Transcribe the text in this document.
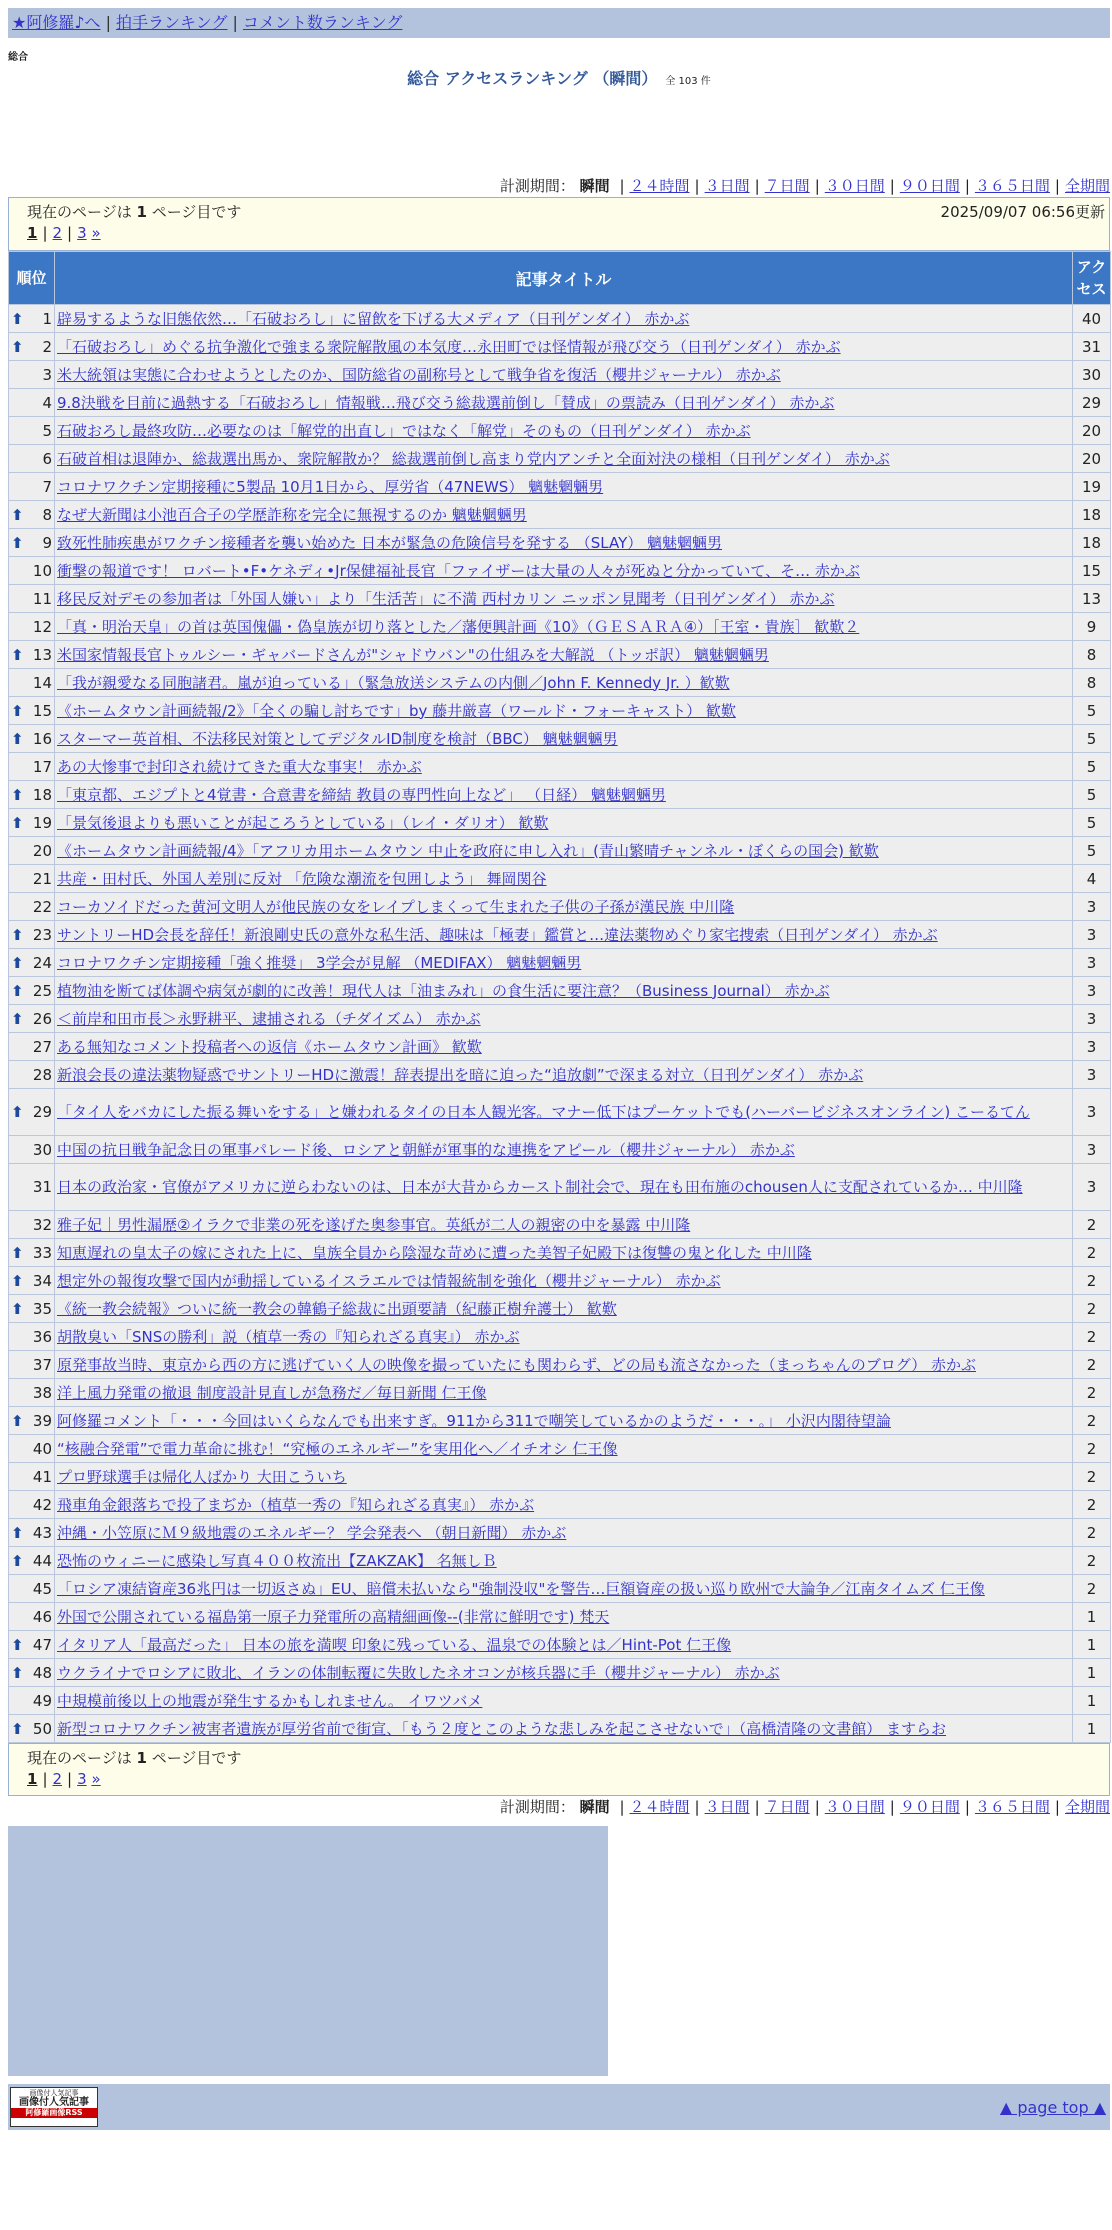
★阿修羅♪へ | 拍手ランキング | コメント数ランキング
総合
総合 アクセスランキング （瞬間） 全 103 件
計測期間： 瞬間 | ２４時間 | ３日間 | ７日間 | ３０日間 | ９０日間 | ３６５日間 | 全期間
現在のページは 1 ページ目です	2025/09/07 06:56更新
1 | 2 | 3 »
順位	記事タイトル	アクセス

⬆ 1	辟易するような旧態依然…「石破おろし」に留飲を下げる大メディア（日刊ゲンダイ） 赤かぶ	40

⬆ 2	「石破おろし」めぐる抗争激化で強まる衆院解散風の本気度…永田町では怪情報が飛び交う（日刊ゲンダイ） 赤かぶ	31
3	米大統領は実態に合わせようとしたのか、国防総省の副称号として戦争省を復活（櫻井ジャーナル） 赤かぶ	30
4	9.8決戦を目前に過熱する「石破おろし」情報戦…飛び交う総裁選前倒し「賛成」の票読み（日刊ゲンダイ） 赤かぶ	29
5	石破おろし最終攻防…必要なのは「解党的出直し」ではなく「解党」そのもの（日刊ゲンダイ） 赤かぶ	20
6	石破首相は退陣か、総裁選出馬か、衆院解散か？ 総裁選前倒し高まり党内アンチと全面対決の様相（日刊ゲンダイ） 赤かぶ	20
7	コロナワクチン定期接種に5製品 10月1日から、厚労省（47NEWS） 魑魅魍魎男	19

⬆ 8	なぜ大新聞は小池百合子の学歴詐称を完全に無視するのか 魑魅魍魎男	18

⬆ 9	致死性肺疾患がワクチン接種者を襲い始めた 日本が緊急の危険信号を発する （SLAY） 魑魅魍魎男	18
10	衝撃の報道です！ ロバート•F•ケネディ•Jr保健福祉長官「ファイザーは大量の人々が死ぬと分かっていて、そ… 赤かぶ	15
11	移民反対デモの参加者は「外国人嫌い」より「生活苦」に不満 西村カリン ニッポン見聞考（日刊ゲンダイ） 赤かぶ	13
12	「真・明治天皇」の首は英国傀儡・偽皇族が切り落とした／藩便興計画《10》（ＧＥＳＡＲＡ④）［王室・貴族］ 歓歎２	9

⬆ 13	米国家情報長官トゥルシー・ギャバードさんが"シャドウバン"の仕組みを大解説 （トッポ訳） 魑魅魍魎男	8
14	「我が親愛なる同胞諸君。嵐が迫っている」（緊急放送システムの内側／John F. Kennedy Jr. ）歓歎	8

⬆ 15	《ホームタウン計画続報/2》「全くの騙し討ちです」by 藤井厳喜（ワールド・フォーキャスト） 歓歎	5

⬆ 16	スターマー英首相、不法移民対策としてデジタルID制度を検討（BBC） 魑魅魍魎男	5
17	あの大惨事で封印され続けてきた重大な事実！ 赤かぶ	5

⬆ 18	「東京都、エジプトと4覚書・合意書を締結 教員の専門性向上など」 （日経） 魑魅魍魎男	5

⬆ 19	「景気後退よりも悪いことが起ころうとしている」（レイ・ダリオ） 歓歎	5
20	《ホームタウン計画続報/4》「アフリカ用ホームタウン 中止を政府に申し入れ」(青山繁晴チャンネル・ぼくらの国会) 歓歎	5
21	共産・田村氏、外国人差別に反対 「危険な潮流を包囲しよう」 舞岡関谷	4
22	コーカソイドだった黄河文明人が他民族の女をレイプしまくって生まれた子供の子孫が漢民族 中川隆	3

⬆ 23	サントリーHD会長を辞任！新浪剛史氏の意外な私生活、趣味は「極妻」鑑賞と…違法薬物めぐり家宅捜索（日刊ゲンダイ） 赤かぶ	3

⬆ 24	コロナワクチン定期接種「強く推奨」 3学会が見解 （MEDIFAX） 魑魅魍魎男	3

⬆ 25	植物油を断てば体調や病気が劇的に改善！現代人は「油まみれ」の食生活に要注意？（Business Journal） 赤かぶ	3

⬆ 26	＜前岸和田市長＞永野耕平、逮捕される（チダイズム） 赤かぶ	3
27	ある無知なコメント投稿者への返信《ホームタウン計画》 歓歎	3
28	新浪会長の違法薬物疑惑でサントリーHDに激震！辞表提出を暗に迫った“追放劇”で深まる対立（日刊ゲンダイ） 赤かぶ	3

⬆ 29	「タイ人をバカにした振る舞いをする」と嫌われるタイの日本人観光客。マナー低下はプーケットでも(ハーバービジネスオンライン) こーるてん	3
30	中国の抗日戦争記念日の軍事パレード後、ロシアと朝鮮が軍事的な連携をアピール（櫻井ジャーナル） 赤かぶ	3
31	日本の政治家・官僚がアメリカに逆らわないのは、日本が大昔からカースト制社会で、現在も田布施のchousen人に支配されているか… 中川隆	3
32	雅子妃｜男性漏歴②イラクで非業の死を遂げた奥参事官。英紙が二人の親密の中を暴露 中川隆	2

⬆ 33	知恵遅れの皇太子の嫁にされた上に、皇族全員から陰湿な苛めに遭った美智子妃殿下は復讐の鬼と化した 中川隆	2

⬆ 34	想定外の報復攻撃で国内が動揺しているイスラエルでは情報統制を強化（櫻井ジャーナル） 赤かぶ	2

⬆ 35	《統一教会続報》ついに統一教会の韓鶴子総裁に出頭要請（紀藤正樹弁護士） 歓歎	2
36	胡散臭い「SNSの勝利」説（植草一秀の『知られざる真実』） 赤かぶ	2
37	原発事故当時、東京から西の方に逃げていく人の映像を撮っていたにも関わらず、どの局も流さなかった（まっちゃんのブログ） 赤かぶ	2
38	洋上風力発電の撤退 制度設計見直しが急務だ／毎日新聞 仁王像	2

⬆ 39	阿修羅コメント「・・・今回はいくらなんでも出来すぎ。911から311で嘲笑しているかのようだ・・・。」 小沢内閣待望論	2
40	“核融合発電”で電力革命に挑む！“究極のエネルギー”を実用化へ／イチオシ 仁王像	2
41	プロ野球選手は帰化人ばかり 大田こういち	2
42	飛車角金銀落ちで投了まぢか（植草一秀の『知られざる真実』） 赤かぶ	2

⬆ 43	沖縄・小笠原にＭ９級地震のエネルギー？ 学会発表へ （朝日新聞） 赤かぶ	2

⬆ 44	恐怖のウィニーに感染し写真４００枚流出【ZAKZAK】 名無しＢ	2
45	「ロシア凍結資産36兆円は一切返さぬ」EU、賠償未払いなら"強制没収"を警告…巨額資産の扱い巡り欧州で大論争／江南タイムズ 仁王像	2
46	外国で公開されている福島第一原子力発電所の高精細画像--(非常に鮮明です) 梵天	1

⬆ 47	イタリア人「最高だった」 日本の旅を満喫 印象に残っている、温泉での体験とは／Hint-Pot 仁王像	1

⬆ 48	ウクライナでロシアに敗北、イランの体制転覆に失敗したネオコンが核兵器に手（櫻井ジャーナル） 赤かぶ	1
49	中規模前後以上の地震が発生するかもしれません。 イワツバメ	1

⬆ 50	新型コロナワクチン被害者遺族が厚労省前で街宣、「もう２度とこのような悲しみを起こさせないで」（高橋清隆の文書館） ますらお	1
現在のページは 1 ページ目です
1 | 2 | 3 »
計測期間： 瞬間 | ２４時間 | ３日間 | ７日間 | ３０日間 | ９０日間 | ３６５日間 | 全期間
画像付人気記事
画像付人気記事
阿修羅画像RSS	▲ page top ▲
